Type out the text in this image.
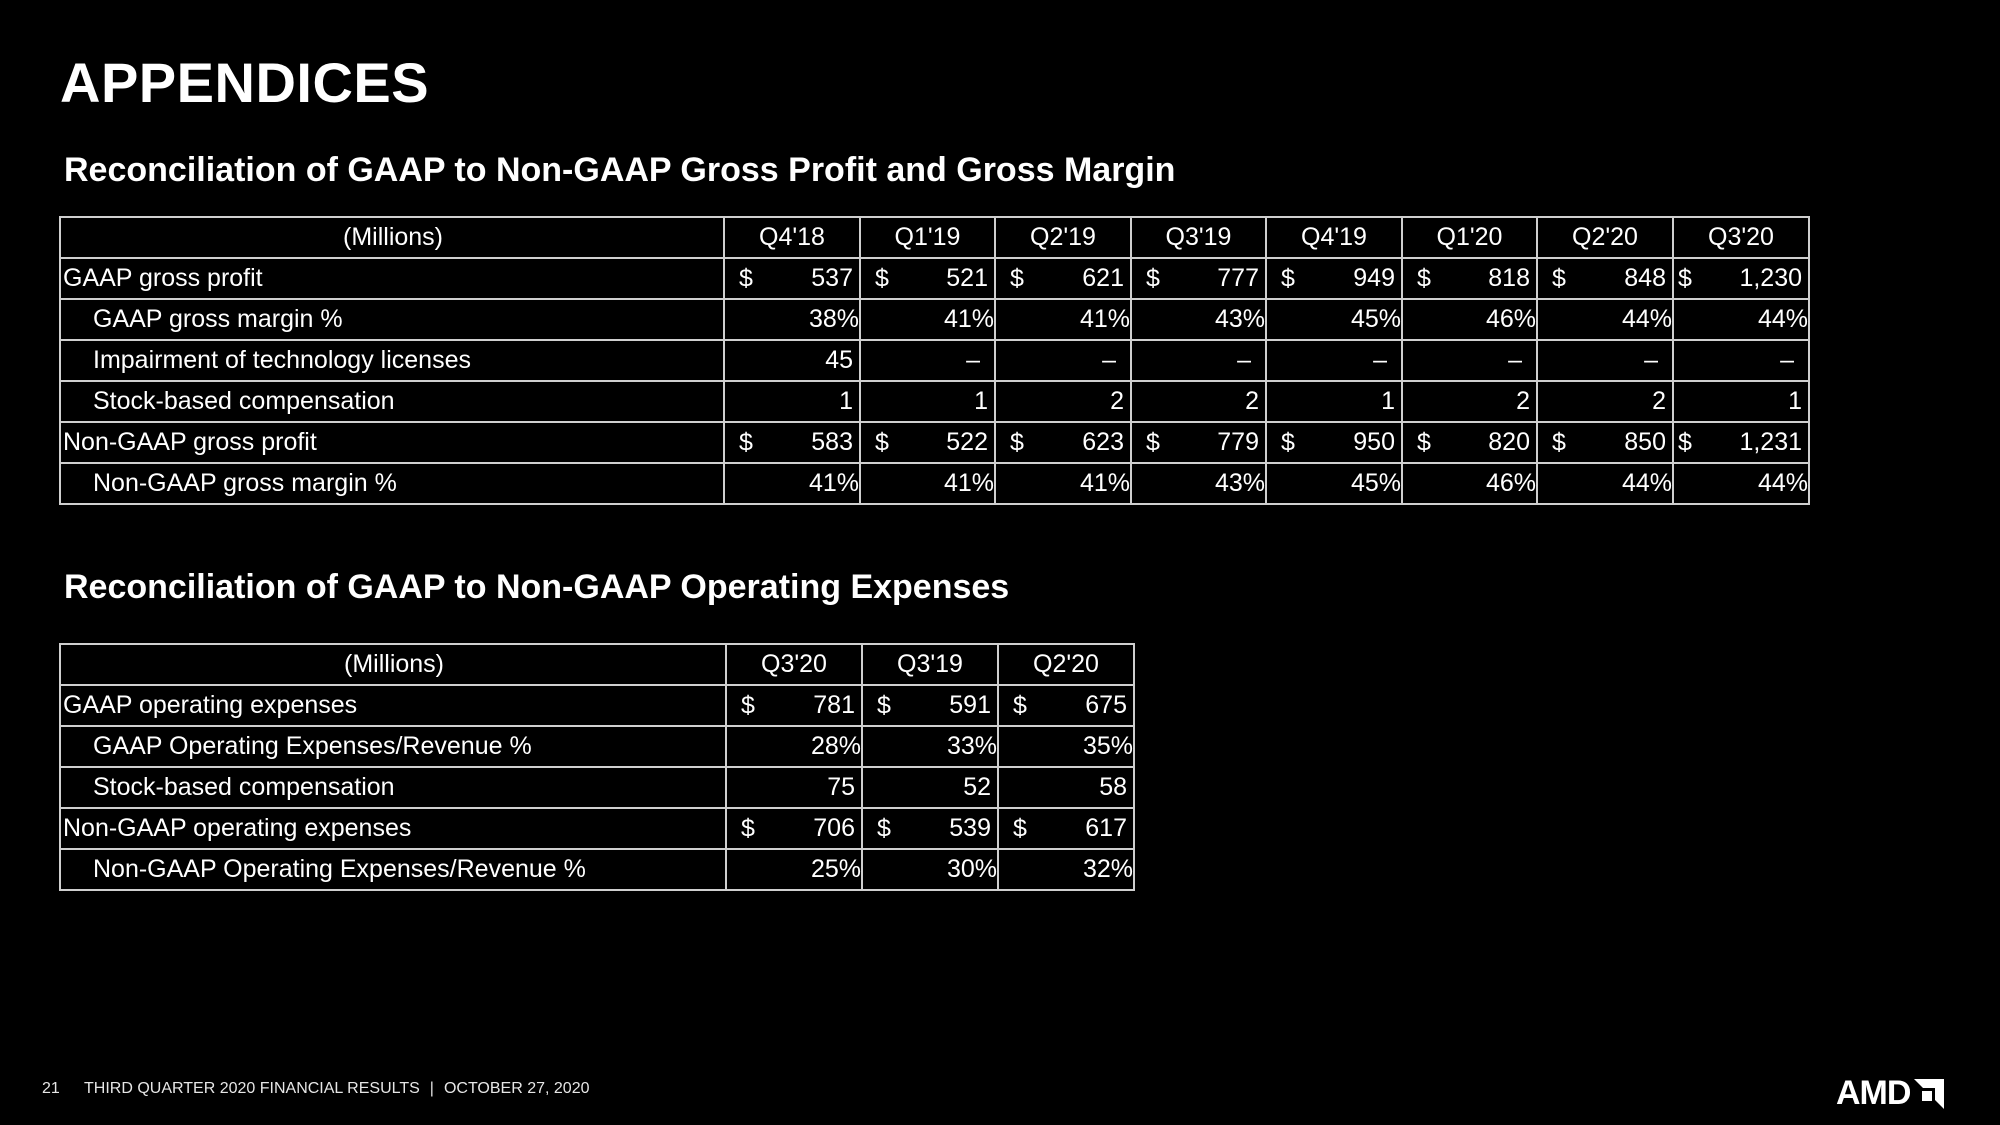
APPENDICES
Reconciliation of GAAP to Non-GAAP Gross Profit and Gross Margin
(Millions)	Q4'18	Q1'19	Q2'19	Q3'19	Q4'19	Q1'20	Q2'20	Q3'20
GAAP gross profit	$ 537	$ 521	$ 621	$ 777	$ 949	$ 818	$ 848	$ 1,230
GAAP gross margin %	38%	41%	41%	43%	45%	46%	44%	44%
Impairment of technology licenses	45	–	–	–	–	–	–	–
Stock-based compensation	1	1	2	2	1	2	2	1
Non-GAAP gross profit	$ 583	$ 522	$ 623	$ 779	$ 950	$ 820	$ 850	$ 1,231
Non-GAAP gross margin %	41%	41%	41%	43%	45%	46%	44%	44%
Reconciliation of GAAP to Non-GAAP Operating Expenses
(Millions)	Q3'20	Q3'19	Q2'20
GAAP operating expenses	$ 781	$ 591	$ 675
GAAP Operating Expenses/Revenue %	28%	33%	35%
Stock-based compensation	75	52	58
Non-GAAP operating expenses	$ 706	$ 539	$ 617
Non-GAAP Operating Expenses/Revenue %	25%	30%	32%
21 THIRD QUARTER 2020 FINANCIAL RESULTS | OCTOBER 27, 2020	AMD
